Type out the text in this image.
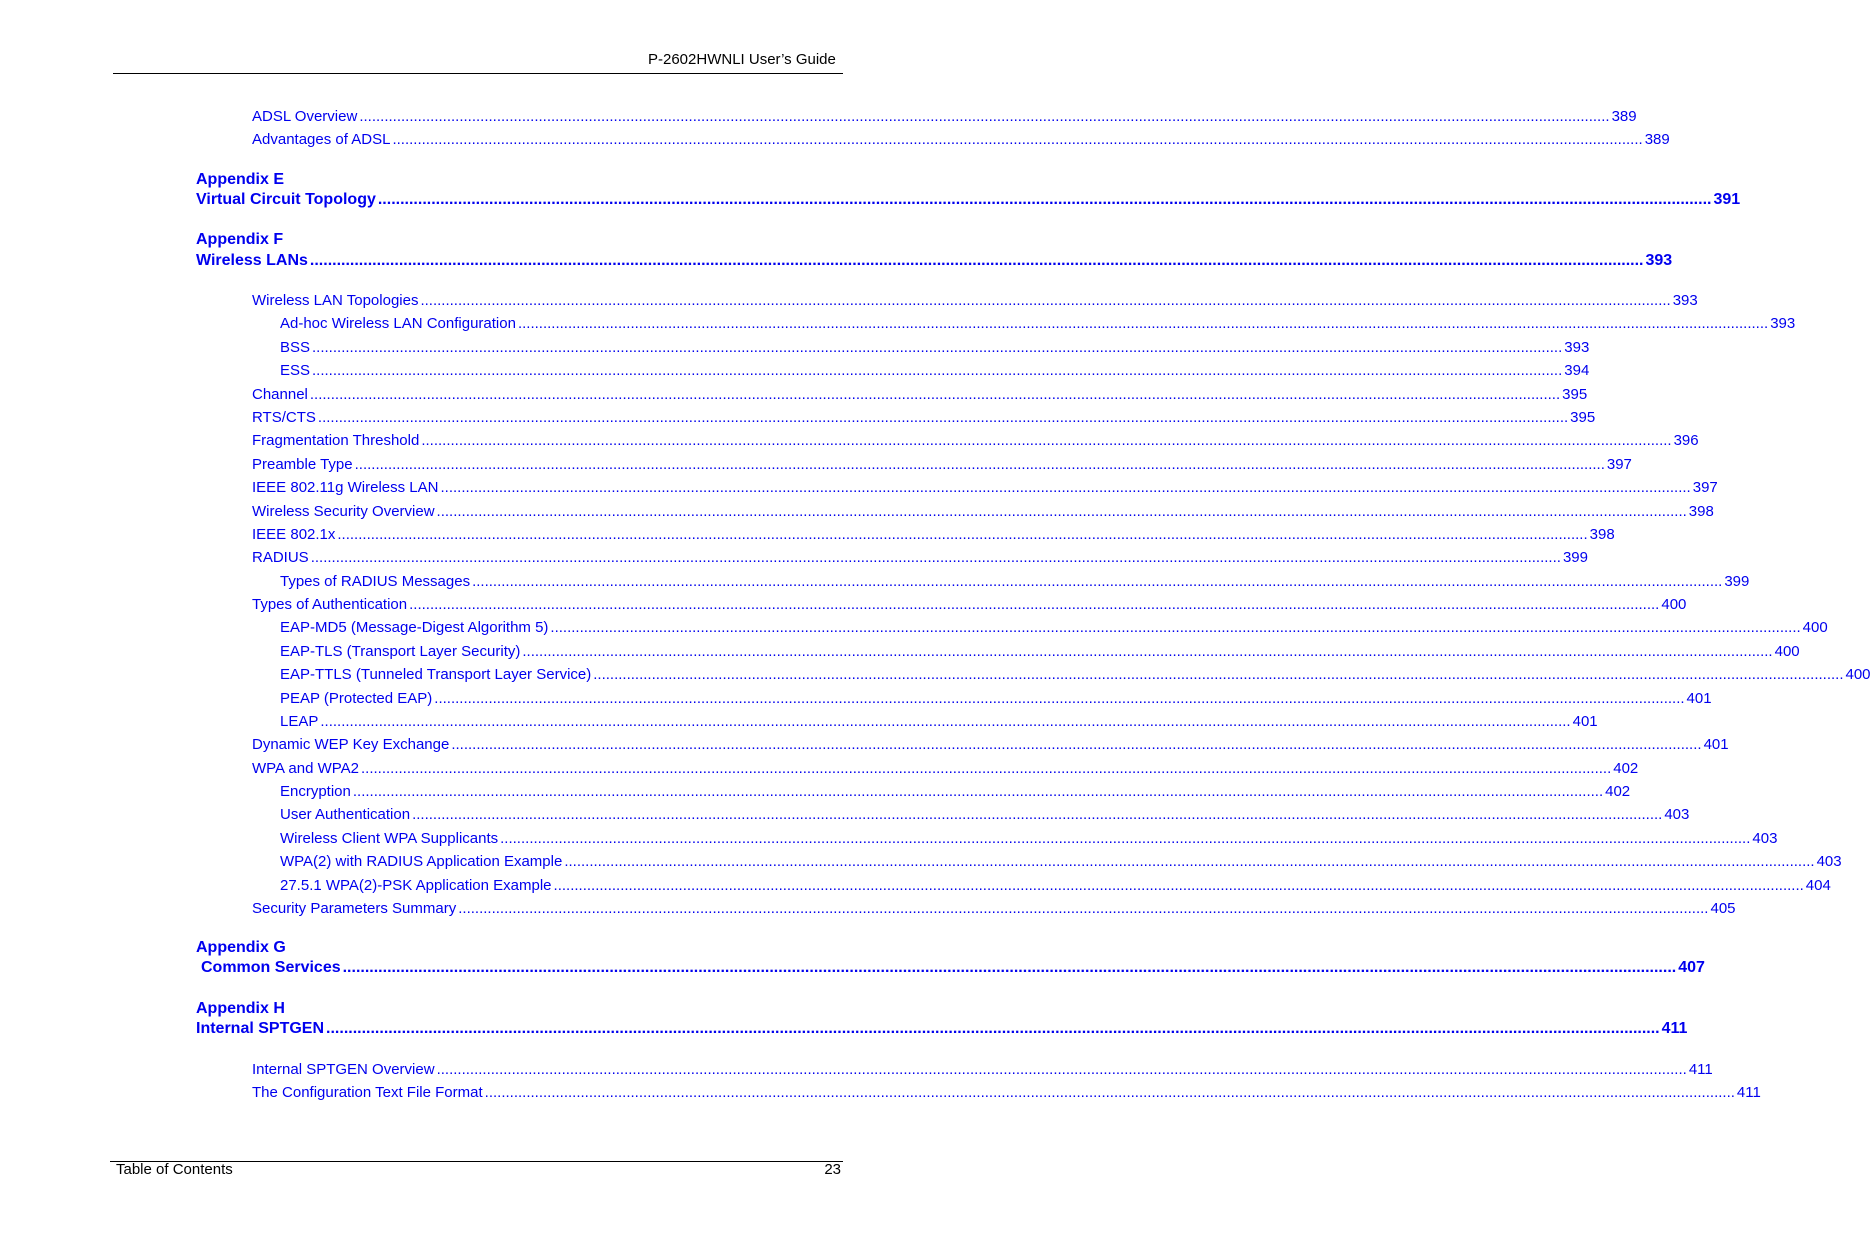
P-2602HWNLI User’s Guide
ADSL Overview ............................................................................................................................................................................................................................................................................................................ 389
Advantages of ADSL ............................................................................................................................................................................................................................................................................................................ 389
Appendix E
Virtual Circuit Topology ............................................................................................................................................................................................................................................................................................................ 391
Appendix F
Wireless LANs ............................................................................................................................................................................................................................................................................................................ 393
Wireless LAN Topologies ............................................................................................................................................................................................................................................................................................................ 393
Ad-hoc Wireless LAN Configuration ............................................................................................................................................................................................................................................................................................................ 393
BSS ............................................................................................................................................................................................................................................................................................................ 393
ESS ............................................................................................................................................................................................................................................................................................................ 394
Channel ............................................................................................................................................................................................................................................................................................................ 395
RTS/CTS ............................................................................................................................................................................................................................................................................................................ 395
Fragmentation Threshold ............................................................................................................................................................................................................................................................................................................ 396
Preamble Type ............................................................................................................................................................................................................................................................................................................ 397
IEEE 802.11g Wireless LAN ............................................................................................................................................................................................................................................................................................................ 397
Wireless Security Overview ............................................................................................................................................................................................................................................................................................................ 398
IEEE 802.1x ............................................................................................................................................................................................................................................................................................................ 398
RADIUS ............................................................................................................................................................................................................................................................................................................ 399
Types of RADIUS Messages ............................................................................................................................................................................................................................................................................................................ 399
Types of Authentication ............................................................................................................................................................................................................................................................................................................ 400
EAP-MD5 (Message-Digest Algorithm 5) ............................................................................................................................................................................................................................................................................................................ 400
EAP-TLS (Transport Layer Security) ............................................................................................................................................................................................................................................................................................................ 400
EAP-TTLS (Tunneled Transport Layer Service) ............................................................................................................................................................................................................................................................................................................ 400
PEAP (Protected EAP) ............................................................................................................................................................................................................................................................................................................ 401
LEAP ............................................................................................................................................................................................................................................................................................................ 401
Dynamic WEP Key Exchange ............................................................................................................................................................................................................................................................................................................ 401
WPA and WPA2 ............................................................................................................................................................................................................................................................................................................ 402
Encryption ............................................................................................................................................................................................................................................................................................................ 402
User Authentication ............................................................................................................................................................................................................................................................................................................ 403
Wireless Client WPA Supplicants ............................................................................................................................................................................................................................................................................................................ 403
WPA(2) with RADIUS Application Example ............................................................................................................................................................................................................................................................................................................ 403
27.5.1 WPA(2)-PSK Application Example ............................................................................................................................................................................................................................................................................................................ 404
Security Parameters Summary ............................................................................................................................................................................................................................................................................................................ 405
Appendix G
Common Services ............................................................................................................................................................................................................................................................................................................ 407
Appendix H
Internal SPTGEN ............................................................................................................................................................................................................................................................................................................ 411
Internal SPTGEN Overview ............................................................................................................................................................................................................................................................................................................ 411
The Configuration Text File Format ............................................................................................................................................................................................................................................................................................................ 411
Table of Contents	23
